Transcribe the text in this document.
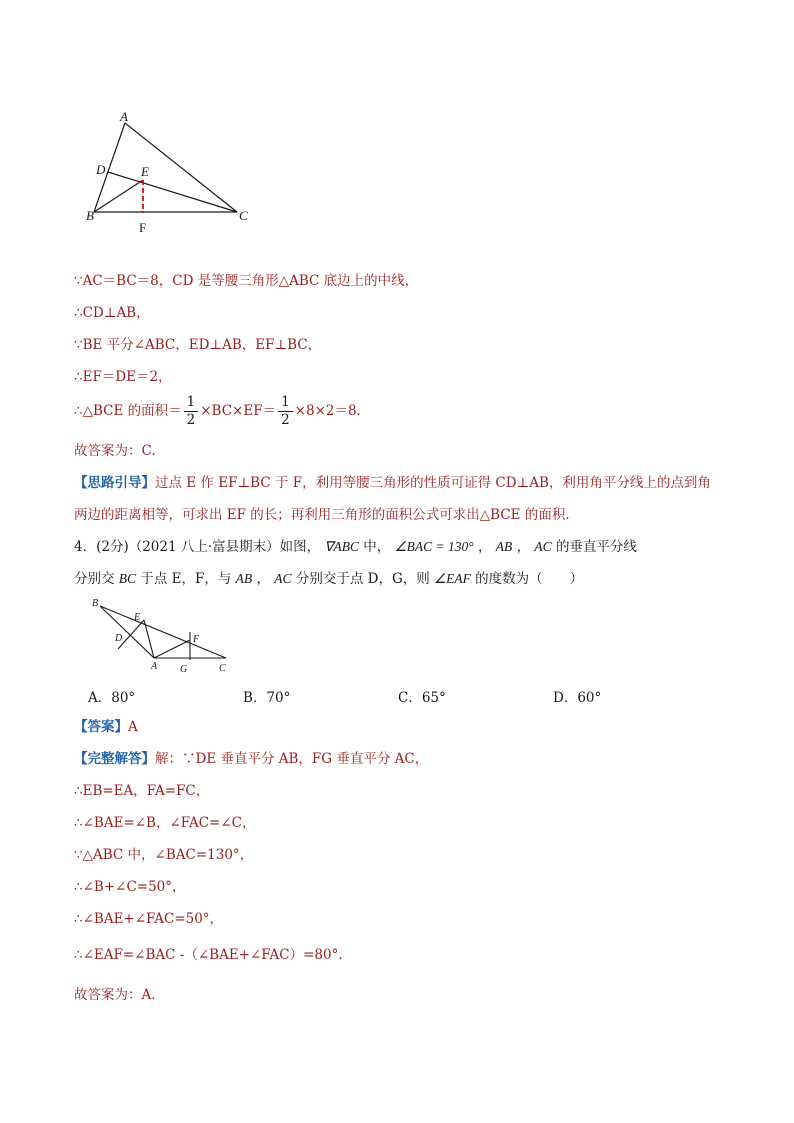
A
D	E
B	C
F
∵AC＝BC＝8，CD 是等腰三角形△ABC 底边上的中线，
∴CD⊥AB，
∵BE 平分∠ABC，ED⊥AB，EF⊥BC，
∴EF＝DE＝2，
∴△BCE 的面积＝ $\frac{1}{2} \times BC\times EF= \frac{1}{2} \times 8\times 2=8$.
故答案为：C.
【思路引导】过点 E 作 EF⊥BC 于 F，利用等腰三角形的性质可证得 CD⊥AB，利用角平分线上的点到角
两边的距离相等，可求出 EF 的长；再利用三角形的面积公式可求出△BCE 的面积.
4．(2分)（2021 八上·富县期末）如图， ∇ABC 中， ∠BAC = 130° ， AB ， AC 的垂直平分线
分别交 BC 于点 E，F，与 AB ， AC 分别交于点 D，G，则 ∠EAF 的度数为（　　）
B
E
D	F
A G	C
A．80°	B．70°	C．65°	D．60°
【答案】A
【完整解答】解：∵DE 垂直平分 AB，FG 垂直平分 AC，
∴EB=EA，FA=FC，
∴∠BAE=∠B，∠FAC=∠C，
∵△ABC 中，∠BAC=130°，
∴∠B+∠C=50°，
∴∠BAE+∠FAC=50°，
∴∠EAF=∠BAC -（∠BAE+∠FAC）=80°.
故答案为：A.
